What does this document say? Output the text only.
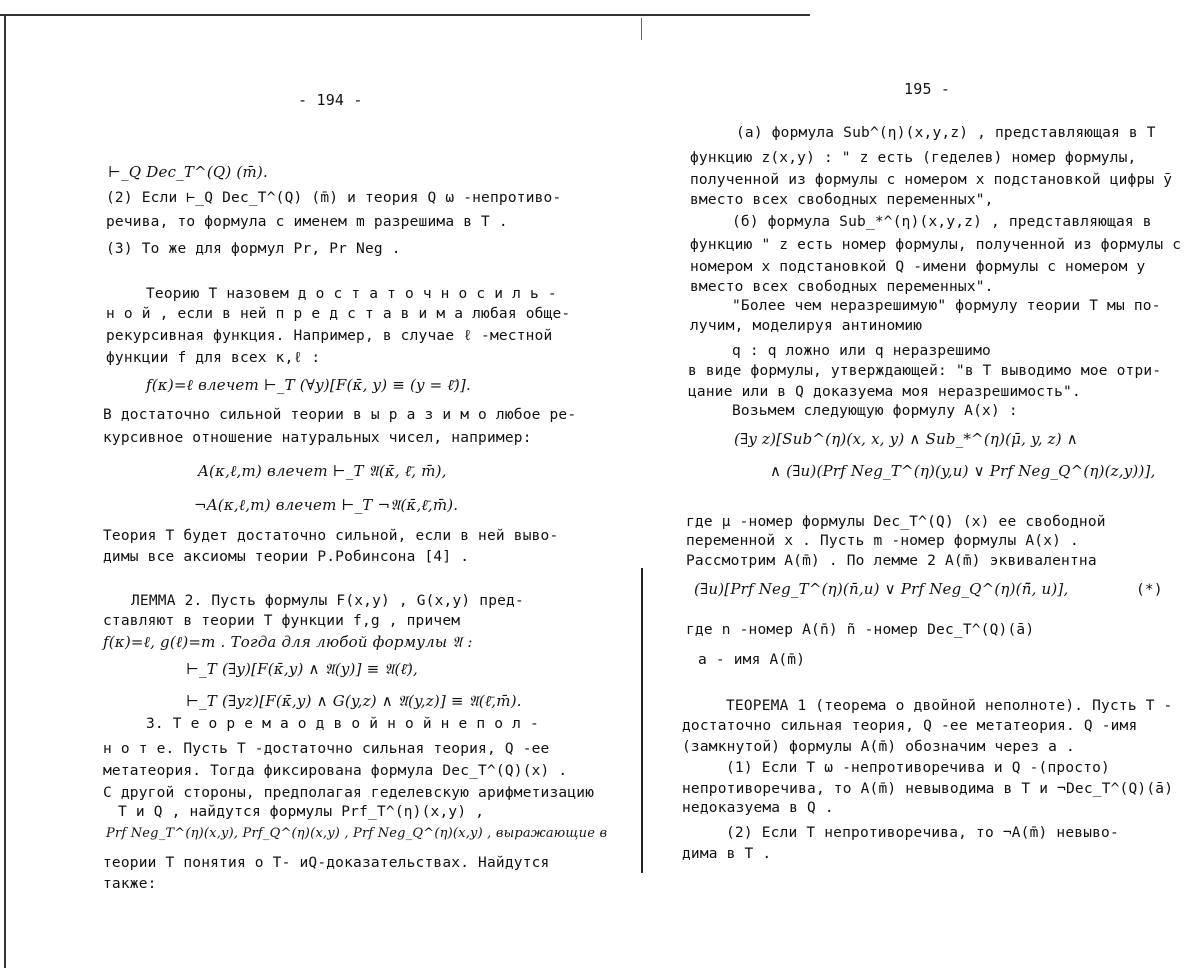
- 194 -
⊢_Q Dec_T^(Q) (m̄).
(2) Если ⊢_Q Dec_T^(Q) (m̄) и теория Q ω -непротиво-
речива, то формула с именем m разрешима в T .
(3) То же для формул Pr, Pr Neg .
Теорию T назовем д о с т а т о ч н о с и л ь -
н о й , если в ней п р е д с т а в и м а любая обще-
рекурсивная функция. Например, в случае ℓ -местной
функции f для всех κ,ℓ :
f(κ)=ℓ влечет ⊢_T (∀y)[F(κ̄, y) ≡ (y = ℓ̄)].
В достаточно сильной теории в ы р а з и м о любое ре-
курсивное отношение натуральных чисел, например:
A(κ,ℓ,m) влечет ⊢_T 𝔄(κ̄, ℓ̄, m̄),
¬A(κ,ℓ,m) влечет ⊢_T ¬𝔄(κ̄,ℓ̄,m̄).
Теория T будет достаточно сильной, если в ней выво-
димы все аксиомы теории Р.Робинсона [4] .
ЛЕММА 2. Пусть формулы F(x,y) , G(x,y) пред-
ставляют в теории T функции f,g , причем
f(κ)=ℓ, g(ℓ)=m . Тогда для любой формулы 𝔄 :
⊢_T (∃y)[F(κ̄,y) ∧ 𝔄(y)] ≡ 𝔄(ℓ̄),
⊢_T (∃yz)[F(κ̄,y) ∧ G(y,z) ∧ 𝔄(y,z)] ≡ 𝔄(ℓ̄,m̄).
3. Т е о р е м а о д в о й н о й н е п о л -
н о т е. Пусть T -достаточно сильная теория, Q -ее
метатеория. Тогда фиксирована формула Dec_T^(Q)(x) .
С другой стороны, предполагая геделевскую арифметизацию
T и Q , найдутся формулы Prf_T^(η)(x,y) ,
Prf Neg_T^(η)(x,y), Prf_Q^(η)(x,y) , Prf Neg_Q^(η)(x,y) , выражающие в
теории T понятия о T- иQ-доказательствах. Найдутся
также:
195 -
(а) формула Sub^(η)(x,y,z) , представляющая в T
функцию z(x,y) : " z есть (геделев) номер формулы,
полученной из формулы с номером x подстановкой цифры ȳ
вместо всех свободных переменных",
(б) формула Sub_*^(η)(x,y,z) , представляющая в
функцию " z есть номер формулы, полученной из формулы с
номером x подстановкой Q -имени формулы с номером y
вместо всех свободных переменных".
"Более чем неразрешимую" формулу теории T мы по-
лучим, моделируя антиномию
q : q ложно или q неразрешимо
в виде формулы, утверждающей: "в T выводимо мое отри-
цание или в Q доказуема моя неразрешимость".
Возьмем следующую формулу A(x) :
(∃y z)[Sub^(η)(x, x, y) ∧ Sub_*^(η)(μ̄, y, z) ∧
∧ (∃u)(Prf Neg_T^(η)(y,u) ∨ Prf Neg_Q^(η)(z,y))],
где μ -номер формулы Dec_T^(Q) (x) ее свободной
переменной x . Пусть m -номер формулы A(x) .
Рассмотрим A(m̄) . По лемме 2 A(m̄) эквивалентна
(∃u)[Prf Neg_T^(η)(n̄,u) ∨ Prf Neg_Q^(η)(ñ̄, u)],	(*)
где n -номер A(n̄) ñ -номер Dec_T^(Q)(ā)
a - имя A(m̄)
ТЕОРЕМА 1 (теорема о двойной неполноте). Пусть T -
достаточно сильная теория, Q -ее метатеория. Q -имя
(замкнутой) формулы A(m̄) обозначим через a .
(1) Если T ω -непротиворечива и Q -(просто)
непротиворечива, то A(m̄) невыводима в T и ¬Dec_T^(Q)(ā)
недоказуема в Q .
(2) Если T непротиворечива, то ¬A(m̄) невыво-
дима в T .
